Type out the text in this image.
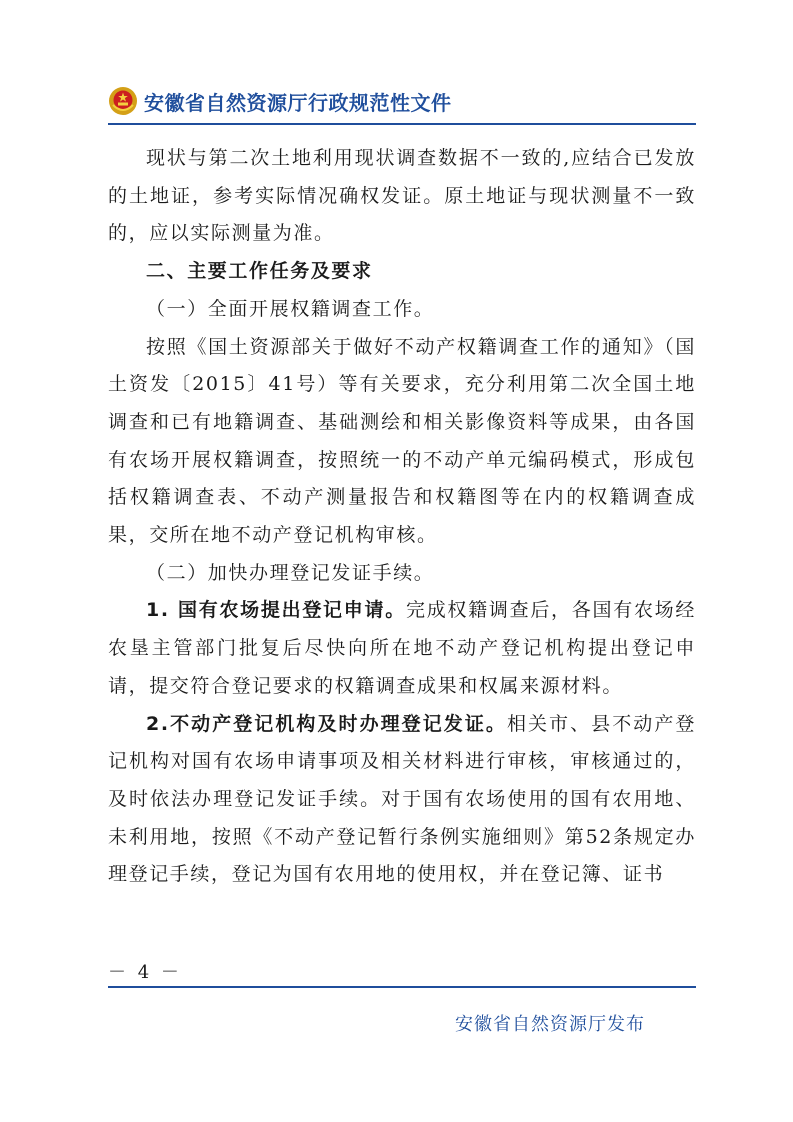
安徽省自然资源厅行政规范性文件

现状与第二次土地利用现状调查数据不一致的,应结合已发放的土地证，参考实际情况确权发证。原土地证与现状测量不一致的，应以实际测量为准。

二、主要工作任务及要求

（一）全面开展权籍调查工作。

按照《国土资源部关于做好不动产权籍调查工作的通知》（国土资发〔2015〕41号）等有关要求，充分利用第二次全国土地调查和已有地籍调查、基础测绘和相关影像资料等成果，由各国有农场开展权籍调查，按照统一的不动产单元编码模式，形成包括权籍调查表、不动产测量报告和权籍图等在内的权籍调查成果，交所在地不动产登记机构审核。

（二）加快办理登记发证手续。

1. 国有农场提出登记申请。完成权籍调查后，各国有农场经农垦主管部门批复后尽快向所在地不动产登记机构提出登记申请，提交符合登记要求的权籍调查成果和权属来源材料。

2.不动产登记机构及时办理登记发证。相关市、县不动产登记机构对国有农场申请事项及相关材料进行审核，审核通过的，及时依法办理登记发证手续。对于国有农场使用的国有农用地、未利用地，按照《不动产登记暂行条例实施细则》第52条规定办理登记手续，登记为国有农用地的使用权，并在登记簿、证书

－ 4 －
安徽省自然资源厅发布
